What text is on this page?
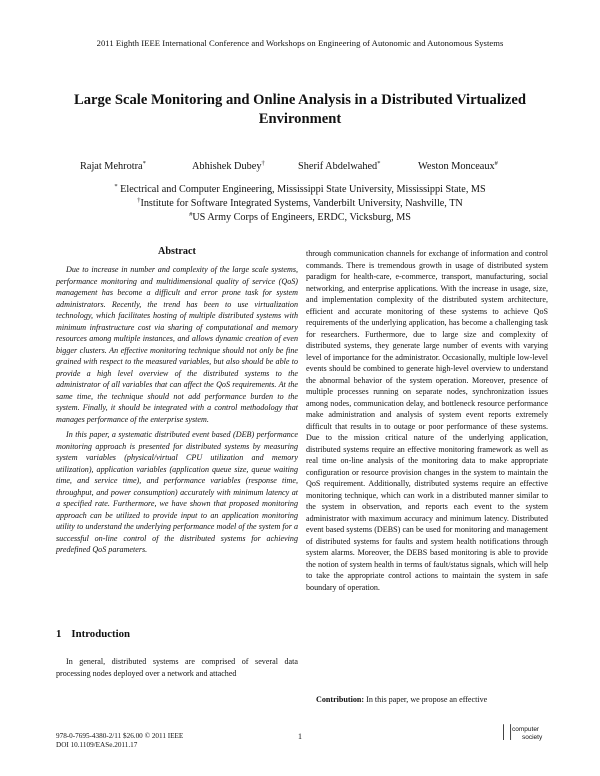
2011 Eighth IEEE International Conference and Workshops on Engineering of Autonomic and Autonomous Systems
Large Scale Monitoring and Online Analysis in a Distributed Virtualized Environment
Rajat Mehrotra*	Abhishek Dubey†	Sherif Abdelwahed*	Weston Monceaux#
* Electrical and Computer Engineering, Mississippi State University, Mississippi State, MS
†Institute for Software Integrated Systems, Vanderbilt University, Nashville, TN
#US Army Corps of Engineers, ERDC, Vicksburg, MS
Abstract

Due to increase in number and complexity of the large scale systems, performance monitoring and multidimensional quality of service (QoS) management has become a difficult and error prone task for system administrators. Recently, the trend has been to use virtualization technology, which facilitates hosting of multiple distributed systems with minimum infrastructure cost via sharing of computational and memory resources among multiple instances, and allows dynamic creation of even bigger clusters. An effective monitoring technique should not only be fine grained with respect to the measured variables, but also should be able to provide a high level overview of the distributed systems to the administrator of all variables that can affect the QoS requirements. At the same time, the technique should not add performance burden to the system. Finally, it should be integrated with a control methodology that manages performance of the enterprise system.

In this paper, a systematic distributed event based (DEB) performance monitoring approach is presented for distributed systems by measuring system variables (physical/virtual CPU utilization and memory utilization), application variables (application queue size, queue waiting time, and service time), and performance variables (response time, throughput, and power consumption) accurately with minimum latency at a specified rate. Furthermore, we have shown that proposed monitoring approach can be utilized to provide input to an application monitoring utility to understand the underlying performance model of the system for a successful on-line control of the distributed systems for achieving predefined QoS parameters.

1 Introduction

In general, distributed systems are comprised of several data processing nodes deployed over a network and attached

through communication channels for exchange of information and control commands. There is tremendous growth in usage of distributed system paradigm for health-care, e-commerce, transport, manufacturing, social networking, and enterprise applications. With the increase in usage, size, and implementation complexity of the distributed system architecture, efficient and accurate monitoring of these systems to achieve QoS requirements of the underlying application, has become a challenging task for researchers. Furthermore, due to large size and complexity of distributed systems, they generate large number of events with varying level of importance for the administrator. Occasionally, multiple low-level events should be combined to generate high-level overview to understand the abnormal behavior of the system operation. Moreover, presence of multiple processes running on separate nodes, synchronization issues among nodes, communication delay, and bottleneck resource performance make administration and analysis of system event reports extremely difficult that results in to outage or poor performance of these systems. Due to the mission critical nature of the underlying application, distributed systems require an effective monitoring framework as well as real time on-line analysis of the monitoring data to make appropriate configuration or resource provision changes in the system to maintain the QoS requirement. Additionally, distributed systems require an effective monitoring technique, which can work in a distributed manner similar to the system in observation, and reports each event to the system administrator with maximum accuracy and minimum latency. Distributed event based systems (DEBS) can be used for monitoring and management of distributed systems for faults and system health notifications through system alarms. Moreover, the DEBS based monitoring is able to provide the notion of system health in terms of fault/status signals, which will help to take the appropriate control actions to maintain the system in safe boundary of operation.

Contribution: In this paper, we propose an effective

978-0-7695-4380-2/11 $26.00 © 2011 IEEE
DOI 10.1109/EASe.2011.17
1	││
computer
society
